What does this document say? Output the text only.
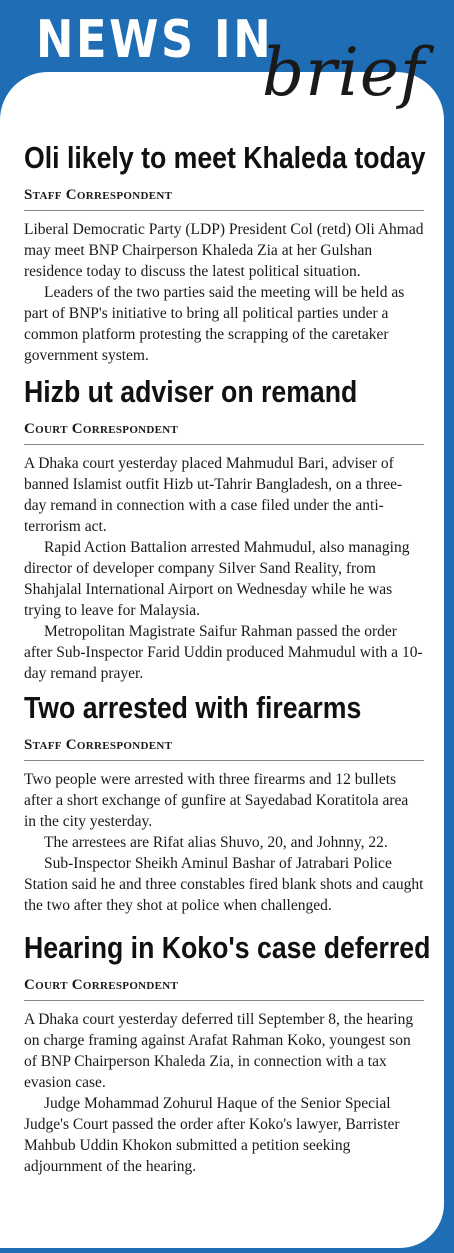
NEWS IN
brief
Oli likely to meet Khaleda today
Staff Correspondent

Liberal Democratic Party (LDP) President Col (retd) Oli Ahmad may meet BNP Chairperson Khaleda Zia at her Gulshan residence today to discuss the latest political situation.

Leaders of the two parties said the meeting will be held as part of BNP's initiative to bring all political parties under a common platform protesting the scrapping of the caretaker government system.

Hizb ut adviser on remand
Court Correspondent

A Dhaka court yesterday placed Mahmudul Bari, adviser of banned Islamist outfit Hizb ut-Tahrir Bangladesh, on a three-day remand in connection with a case filed under the anti-terrorism act.

Rapid Action Battalion arrested Mahmudul, also managing director of developer company Silver Sand Reality, from Shahjalal International Airport on Wednesday while he was trying to leave for Malaysia.

Metropolitan Magistrate Saifur Rahman passed the order after Sub-Inspector Farid Uddin produced Mahmudul with a 10-day remand prayer.

Two arrested with firearms
Staff Correspondent

Two people were arrested with three firearms and 12 bullets after a short exchange of gunfire at Sayedabad Koratitola area in the city yesterday.

The arrestees are Rifat alias Shuvo, 20, and Johnny, 22.

Sub-Inspector Sheikh Aminul Bashar of Jatrabari Police Station said he and three constables fired blank shots and caught the two after they shot at police when challenged.

Hearing in Koko's case deferred
Court Correspondent

A Dhaka court yesterday deferred till September 8, the hearing on charge framing against Arafat Rahman Koko, youngest son of BNP Chairperson Khaleda Zia, in connection with a tax evasion case.

Judge Mohammad Zohurul Haque of the Senior Special Judge's Court passed the order after Koko's lawyer, Barrister Mahbub Uddin Khokon submitted a petition seeking adjournment of the hearing.
